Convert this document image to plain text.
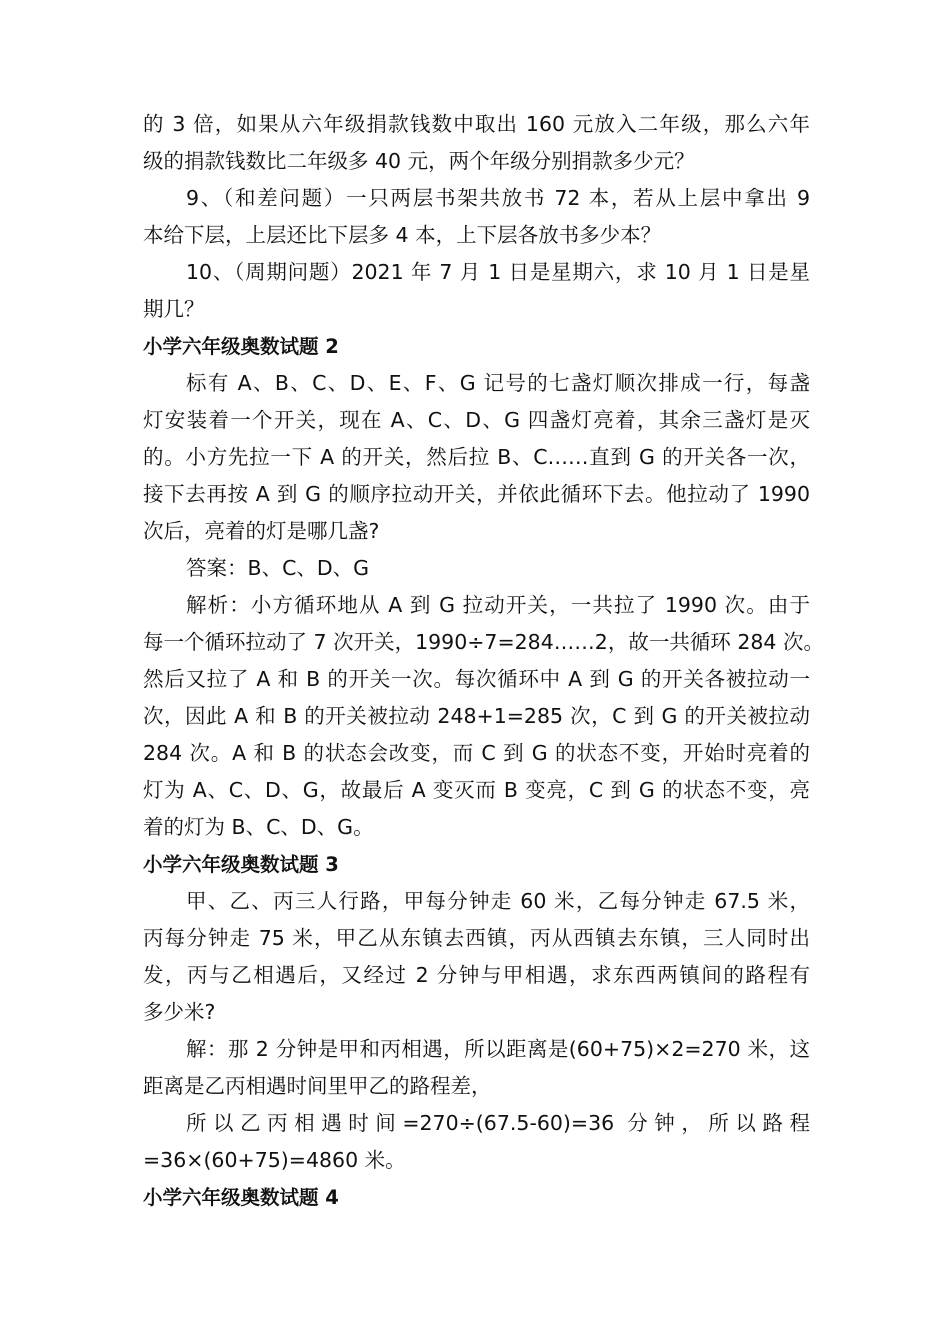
的 3 倍，如果从六年级捐款钱数中取出 160 元放入二年级，那么六年
级的捐款钱数比二年级多 40 元，两个年级分别捐款多少元？
9、（和差问题）一只两层书架共放书 72 本，若从上层中拿出 9
本给下层，上层还比下层多 4 本，上下层各放书多少本？
10、（周期问题）2021 年 7 月 1 日是星期六，求 10 月 1 日是星
期几？
小学六年级奥数试题 2
标有 A、B、C、D、E、F、G 记号的七盏灯顺次排成一行，每盏
灯安装着一个开关，现在 A、C、D、G 四盏灯亮着，其余三盏灯是灭
的。小方先拉一下 A 的开关，然后拉 B、C……直到 G 的开关各一次，
接下去再按 A 到 G 的顺序拉动开关，并依此循环下去。他拉动了 1990
次后，亮着的灯是哪几盏?
答案：B、C、D、G
解析：小方循环地从 A 到 G 拉动开关，一共拉了 1990 次。由于
每一个循环拉动了 7 次开关，1990÷7=284……2，故一共循环 284 次。
然后又拉了 A 和 B 的开关一次。每次循环中 A 到 G 的开关各被拉动一
次，因此 A 和 B 的开关被拉动 248+1=285 次，C 到 G 的开关被拉动
284 次。A 和 B 的状态会改变，而 C 到 G 的状态不变，开始时亮着的
灯为 A、C、D、G，故最后 A 变灭而 B 变亮，C 到 G 的状态不变，亮
着的灯为 B、C、D、G。
小学六年级奥数试题 3
甲、乙、丙三人行路，甲每分钟走 60 米，乙每分钟走 67.5 米，
丙每分钟走 75 米，甲乙从东镇去西镇，丙从西镇去东镇，三人同时出
发，丙与乙相遇后，又经过 2 分钟与甲相遇，求东西两镇间的路程有
多少米?
解：那 2 分钟是甲和丙相遇，所以距离是(60+75)×2=270 米，这
距离是乙丙相遇时间里甲乙的路程差，
所以乙丙相遇时间=270÷(67.5-60)=36 分钟，所以路程
=36×(60+75)=4860 米。
小学六年级奥数试题 4
